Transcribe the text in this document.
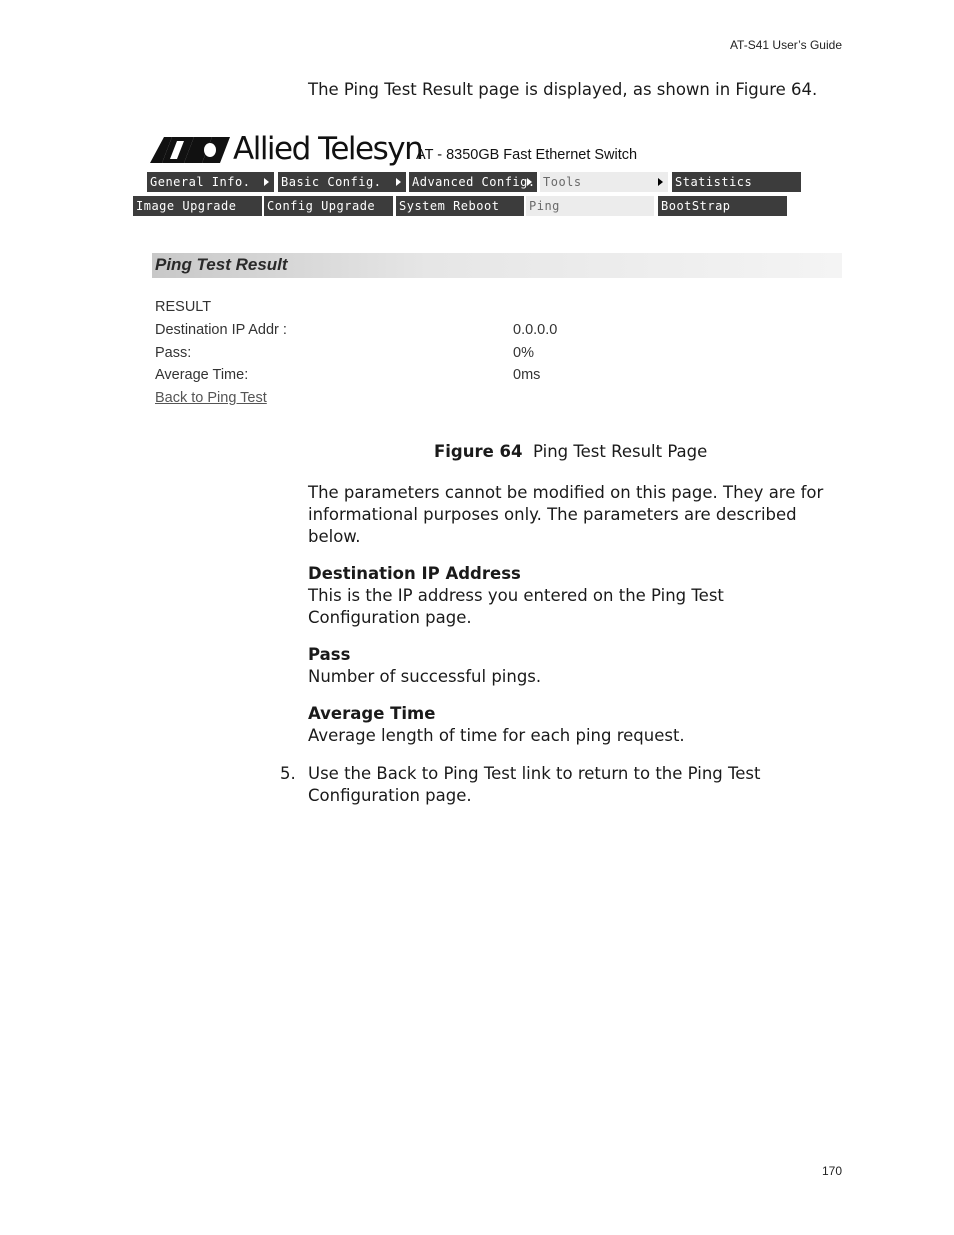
AT-S41 User’s Guide
The Ping Test Result page is displayed, as shown in Figure 64.
Allied Telesyn
AT - 8350GB Fast Ethernet Switch
General Info.	Basic Config.	Advanced Config. Tools	Statistics
Image Upgrade	Config Upgrade	System Reboot	Ping	BootStrap
Ping Test Result
RESULT
Destination IP Addr :	0.0.0.0
Pass:	0%
Average Time:	0ms
Back to Ping Test
Figure 64 Ping Test Result Page
The parameters cannot be modified on this page. They are for informational purposes only. The parameters are described below.
Destination IP Address
This is the IP address you entered on the Ping Test Configuration page.
Pass
Number of successful pings.
Average Time
Average length of time for each ping request.
5. Use the Back to Ping Test link to return to the Ping Test Configuration page.
170
